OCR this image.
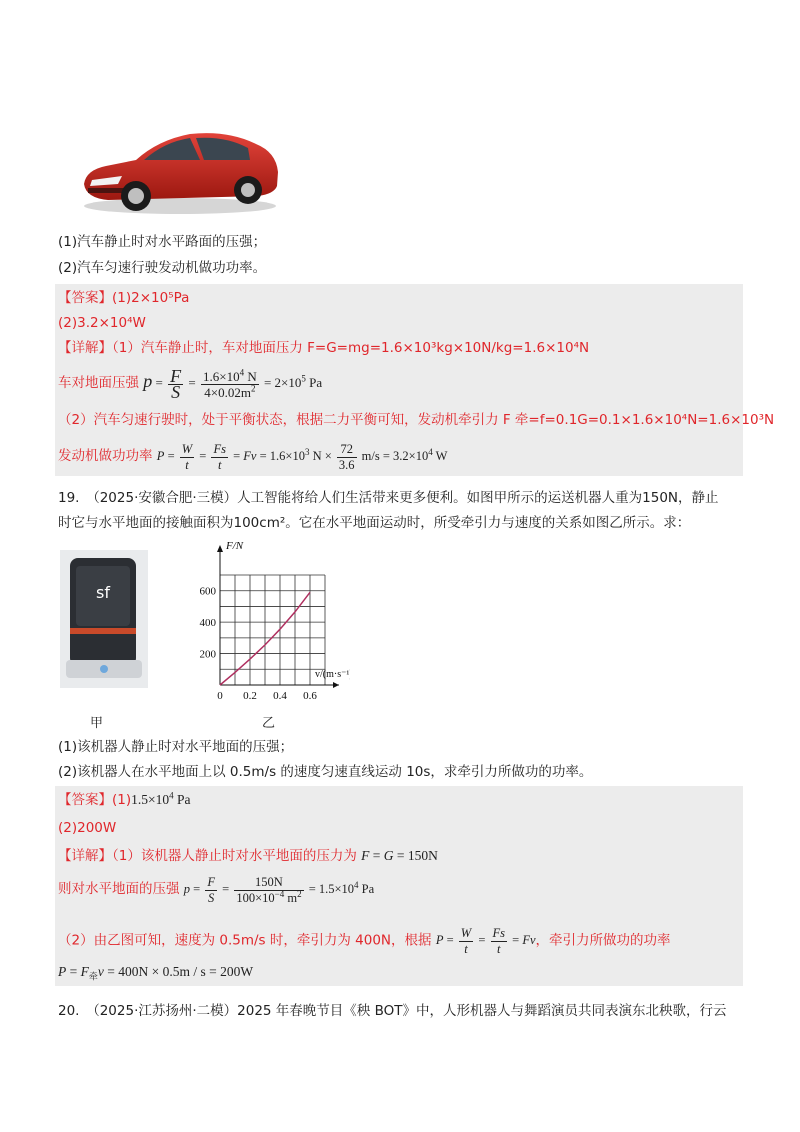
(1)汽车静止时对水平路面的压强；
(2)汽车匀速行驶发动机做功功率。
【答案】(1)2×10⁵Pa
(2)3.2×10⁴W
【详解】（1）汽车静止时，车对地面压力 F=G=mg=1.6×10³kg×10N/kg=1.6×10⁴N
车对地面压强 $p = \frac{F}{S} = \frac{1.6\times 10^4 N}{4\times 0.02m^2} = 2\times 10^5$ Pa
（2）汽车匀速行驶时，处于平衡状态，根据二力平衡可知，发动机牵引力 F 牵=f=0.1G=0.1×1.6×10⁴N=1.6×10³N
发动机做功功率 $P = \frac{W}{t} = \frac{Fs}{t} = Fv = 1.6\times 10^3$ $N \times \frac{72}{3.6} m/s = 3.2\times 10^4$ W
19.　（2025·安徽合肥·三模）人工智能将给人们生活带来更多便利。如图甲所示的运送机器人重为150N，静止
时它与水平地面的接触面积为100cm²。它在水平地面运动时，所受牵引力与速度的关系如图乙所示。求：
sf
0 0.2 0.4 0.6
200
400
600
F/N
v/(m·s⁻¹)
甲	乙
(1)该机器人静止时对水平地面的压强；
(2)该机器人在水平地面上以 0.5m/s 的速度匀速直线运动 10s，求牵引力所做功的功率。
【答案】$(1)1.5\times 10^4$ Pa
(2)200W
【详解】（1）该机器人静止时对水平地面的压力为 F = G = 150N
则对水平地面的压强 $p = \frac{F}{S} = \frac{150N}{100\times 10^{-4} m^2} = 1.5\times 10^4$ Pa
（2）由乙图可知，速度为 0.5m/s 时，牵引力为 400N，根据 $P = \frac{W}{t} = \frac{Fs}{t} = Fv$，牵引力所做功的功率
$P = F_牵v = 400N \times 0.5m / s = 200W$
20.　（2025·江苏扬州·二模）2025 年春晚节目《秧 BOT》中，人形机器人与舞蹈演员共同表演东北秧歌，行云
